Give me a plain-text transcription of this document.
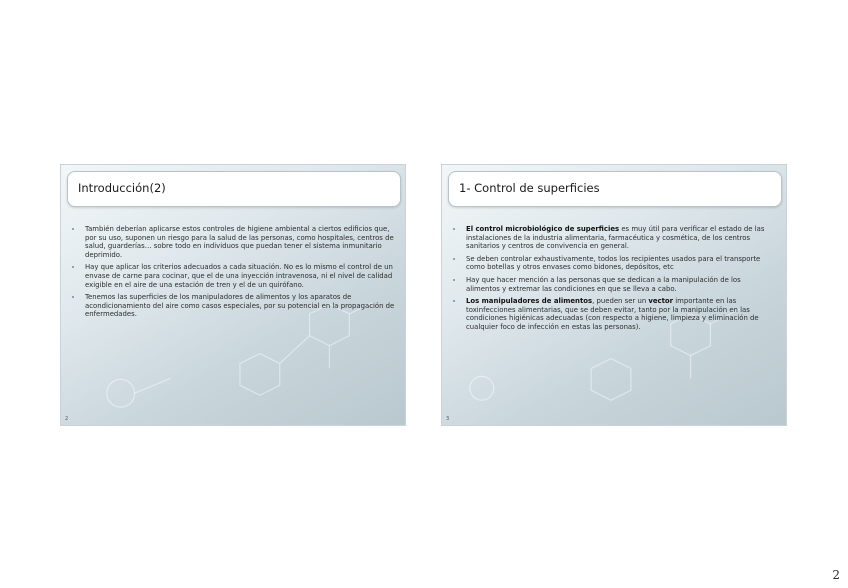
Introducción(2)
• También deberían aplicarse estos controles de higiene ambiental a ciertos edificios que, por su uso, suponen un riesgo para la salud de las personas, como hospitales, centros de salud, guarderías… sobre todo en individuos que puedan tener el sistema inmunitario deprimido.
• Hay que aplicar los criterios adecuados a cada situación. No es lo mismo el control de un envase de carne para cocinar, que el de una inyección intravenosa, ni el nivel de calidad exigible en el aire de una estación de tren y el de un quirófano.
• Tenemos las superficies de los manipuladores de alimentos y los aparatos de acondicionamiento del aire como casos especiales, por su potencial en la propagación de enfermedades.
2
1- Control de superficies
• El control microbiológico de superficies es muy útil para verificar el estado de las instalaciones de la industria alimentaria, farmacéutica y cosmética, de los centros sanitarios y centros de convivencia en general.
• Se deben controlar exhaustivamente, todos los recipientes usados para el transporte como botellas y otros envases como bidones, depósitos, etc
• Hay que hacer mención a las personas que se dedican a la manipulación de los alimentos y extremar las condiciones en que se lleva a cabo.
• Los manipuladores de alimentos, pueden ser un vector importante en las toxinfecciones alimentarias, que se deben evitar, tanto por la manipulación en las condiciones higiénicas adecuadas (con respecto a higiene, limpieza y eliminación de cualquier foco de infección en estas las personas).
3
2
